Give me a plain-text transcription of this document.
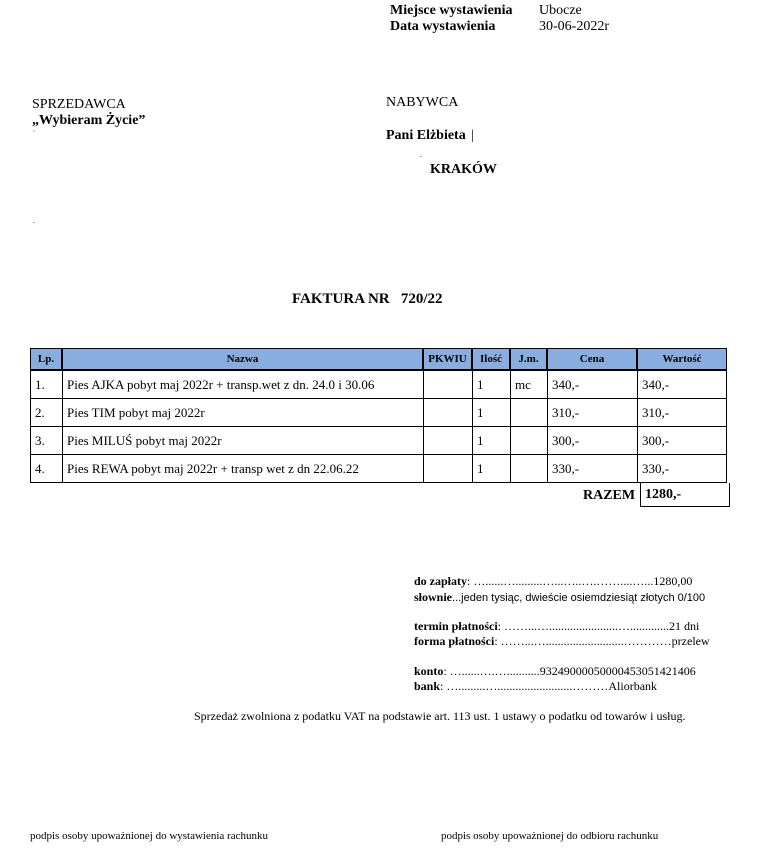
Miejsce wystawienia Ubocze
Data wystawienia	30-06-2022r
SPRZEDAWCA
„Wybieram Życie”
‘
-
NABYWCA
Pani Elżbieta |
-
KRAKÓW
FAKTURA NR 720/22
Lp.	Nazwa	PKWIU	Ilość	J.m.	Cena	Wartość
1.	Pies AJKA pobyt maj 2022r + transp.wet z dn. 24.0 i 30.06		1	mc	340,-	340,-
2.	Pies TIM pobyt maj 2022r		1		310,-	310,-
3.	Pies MILUŚ pobyt maj 2022r		1		300,-	300,-
4.	Pies REWA pobyt maj 2022r + transp wet z dn 22.06.22		1		330,-	330,-
RAZEM 1280,-
do zapłaty: …......….........…...…..….……....…...1280,00
słownie...jeden tysiąc, dwieście osiemdziesiąt złotych 0/100
termin płatności: ……...….......................….............21 dni
forma płatności: ……...…..........................…………przelew
konto: …......….…...........93249000050000453051421406
bank: ….........….........................………Aliorbank
Sprzedaż zwolniona z podatku VAT na podstawie art. 113 ust. 1 ustawy o podatku od towarów i usług.
podpis osoby upoważnionej do wystawienia rachunku	podpis osoby upoważnionej do odbioru rachunku
